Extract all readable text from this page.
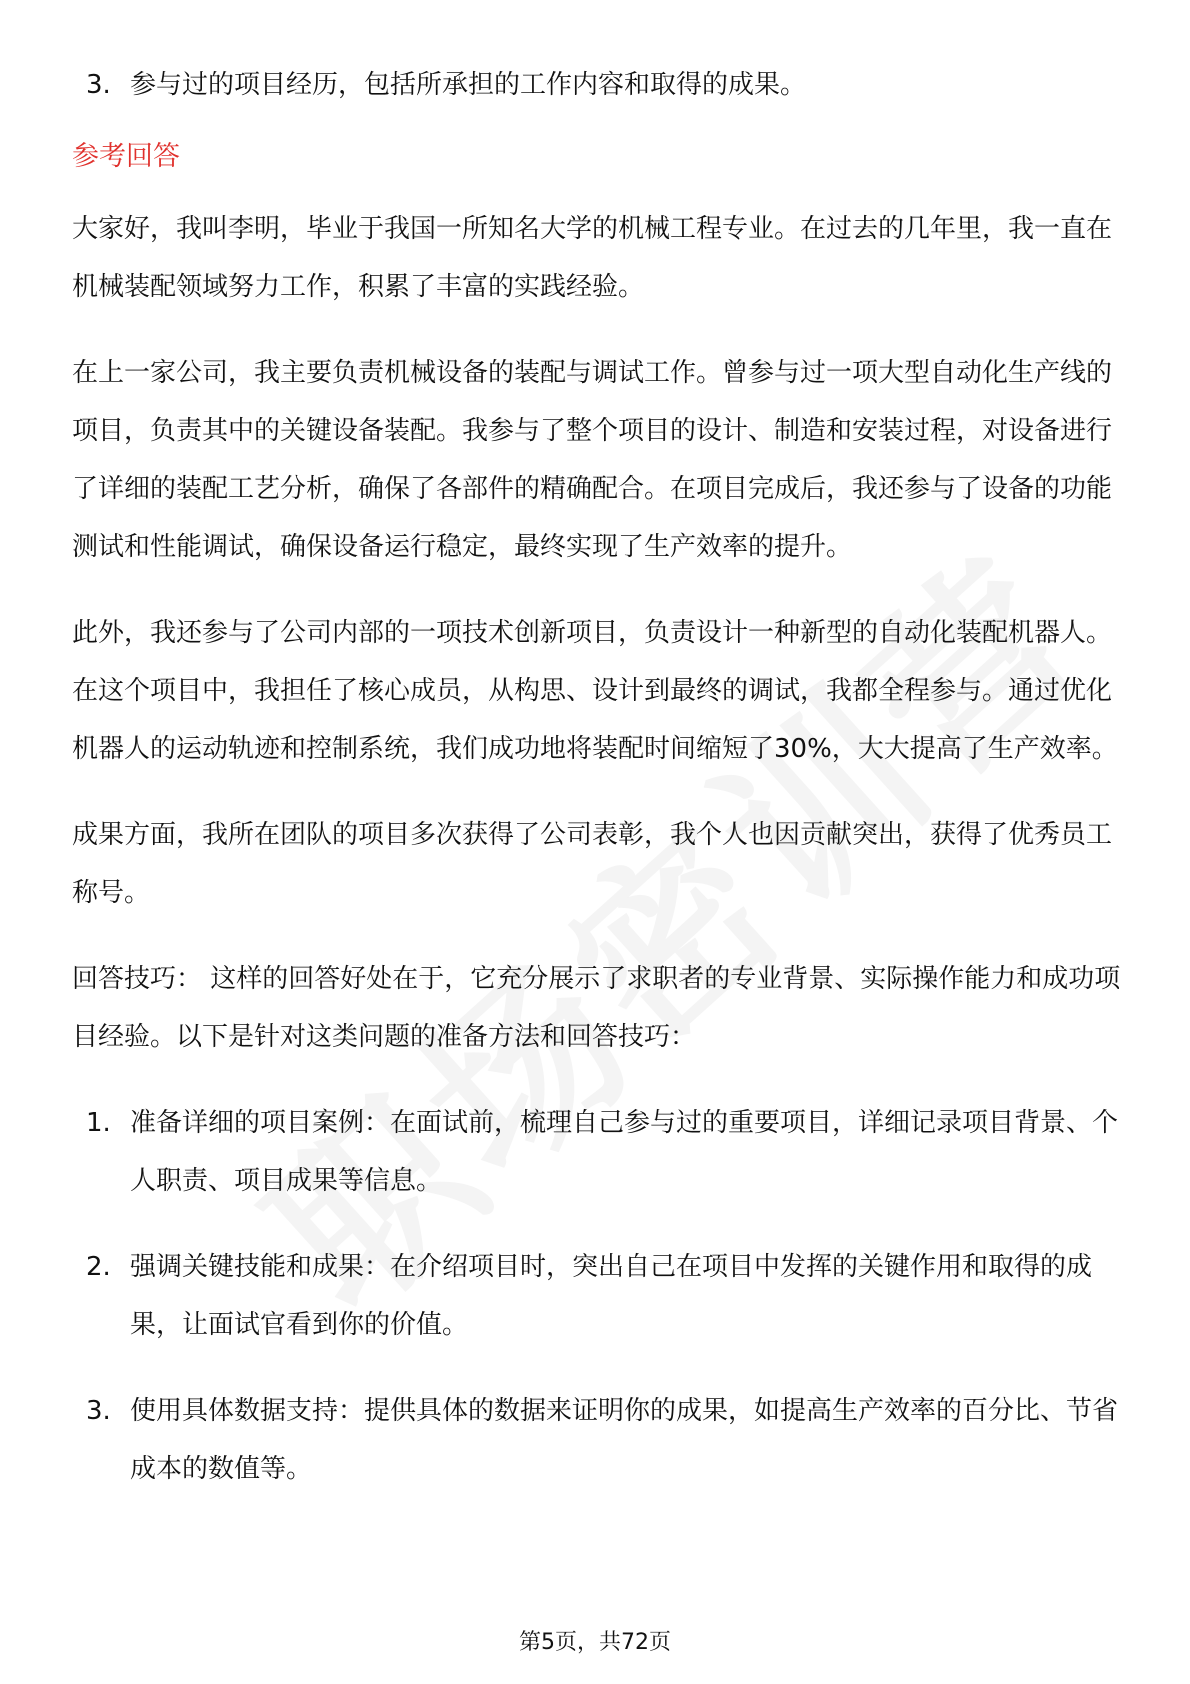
3. 参与过的项目经历，包括所承担的工作内容和取得的成果。
参考回答

大家好，我叫李明，毕业于我国一所知名大学的机械工程专业。在过去的几年里，我一直在机械装配领域努力工作，积累了丰富的实践经验。

在上一家公司，我主要负责机械设备的装配与调试工作。曾参与过一项大型自动化生产线的项目，负责其中的关键设备装配。我参与了整个项目的设计、制造和安装过程，对设备进行了详细的装配工艺分析，确保了各部件的精确配合。在项目完成后，我还参与了设备的功能测试和性能调试，确保设备运行稳定，最终实现了生产效率的提升。

此外，我还参与了公司内部的一项技术创新项目，负责设计一种新型的自动化装配机器人。在这个项目中，我担任了核心成员，从构思、设计到最终的调试，我都全程参与。通过优化机器人的运动轨迹和控制系统，我们成功地将装配时间缩短了30%，大大提高了生产效率。

成果方面，我所在团队的项目多次获得了公司表彰，我个人也因贡献突出，获得了优秀员工称号。

回答技巧： 这样的回答好处在于，它充分展示了求职者的专业背景、实际操作能力和成功项目经验。以下是针对这类问题的准备方法和回答技巧：

1. 准备详细的项目案例：在面试前，梳理自己参与过的重要项目，详细记录项目背景、个人职责、项目成果等信息。
2. 强调关键技能和成果：在介绍项目时，突出自己在项目中发挥的关键作用和取得的成果，让面试官看到你的价值。
3. 使用具体数据支持：提供具体的数据来证明你的成果，如提高生产效率的百分比、节省成本的数值等。
第5页，共72页
